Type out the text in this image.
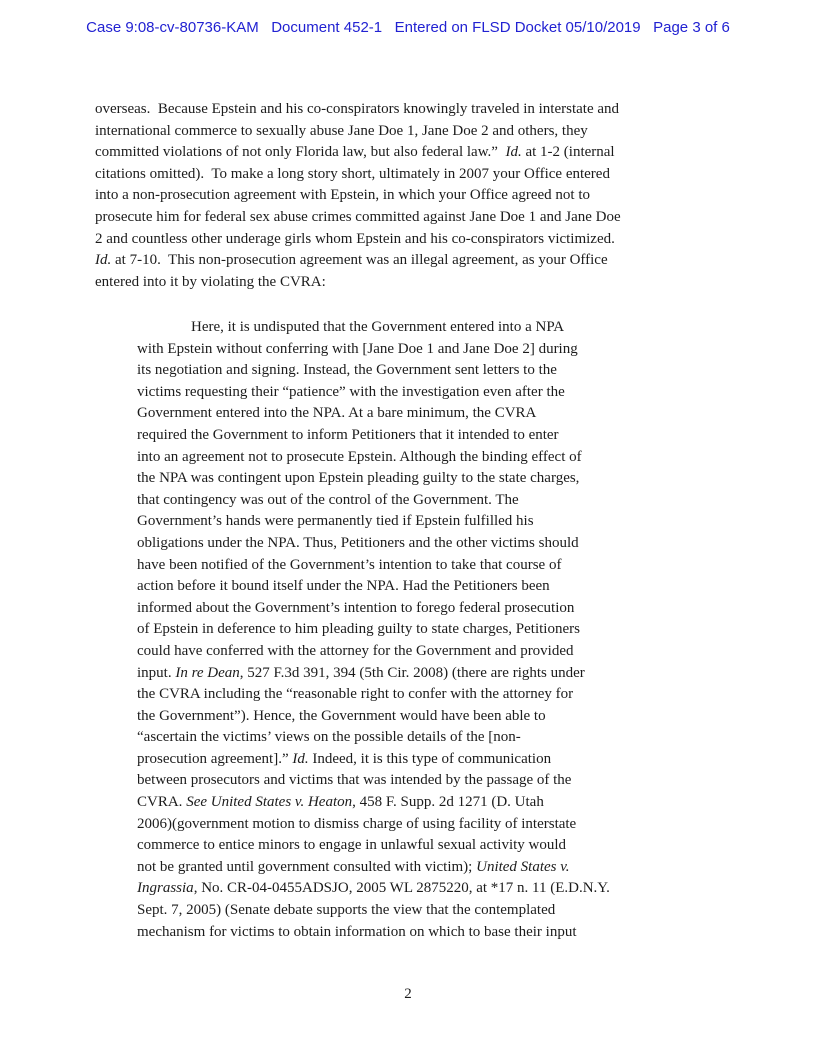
Case 9:08-cv-80736-KAM   Document 452-1   Entered on FLSD Docket 05/10/2019   Page 3 of 6
overseas.  Because Epstein and his co-conspirators knowingly traveled in interstate and
international commerce to sexually abuse Jane Doe 1, Jane Doe 2 and others, they
committed violations of not only Florida law, but also federal law.”  Id. at 1-2 (internal
citations omitted).  To make a long story short, ultimately in 2007 your Office entered
into a non-prosecution agreement with Epstein, in which your Office agreed not to
prosecute him for federal sex abuse crimes committed against Jane Doe 1 and Jane Doe
2 and countless other underage girls whom Epstein and his co-conspirators victimized.
Id. at 7-10.  This non-prosecution agreement was an illegal agreement, as your Office
entered into it by violating the CVRA:
Here, it is undisputed that the Government entered into a NPA
with Epstein without conferring with [Jane Doe 1 and Jane Doe 2] during
its negotiation and signing. Instead, the Government sent letters to the
victims requesting their “patience” with the investigation even after the
Government entered into the NPA. At a bare minimum, the CVRA
required the Government to inform Petitioners that it intended to enter
into an agreement not to prosecute Epstein. Although the binding effect of
the NPA was contingent upon Epstein pleading guilty to the state charges,
that contingency was out of the control of the Government. The
Government’s hands were permanently tied if Epstein fulfilled his
obligations under the NPA. Thus, Petitioners and the other victims should
have been notified of the Government’s intention to take that course of
action before it bound itself under the NPA. Had the Petitioners been
informed about the Government’s intention to forego federal prosecution
of Epstein in deference to him pleading guilty to state charges, Petitioners
could have conferred with the attorney for the Government and provided
input. In re Dean, 527 F.3d 391, 394 (5th Cir. 2008) (there are rights under
the CVRA including the “reasonable right to confer with the attorney for
the Government”). Hence, the Government would have been able to
“ascertain the victims’ views on the possible details of the [non-
prosecution agreement].” Id. Indeed, it is this type of communication
between prosecutors and victims that was intended by the passage of the
CVRA. See United States v. Heaton, 458 F. Supp. 2d 1271 (D. Utah
2006)(government motion to dismiss charge of using facility of interstate
commerce to entice minors to engage in unlawful sexual activity would
not be granted until government consulted with victim); United States v.
Ingrassia, No. CR-04-0455ADSJO, 2005 WL 2875220, at *17 n. 11 (E.D.N.Y.
Sept. 7, 2005) (Senate debate supports the view that the contemplated
mechanism for victims to obtain information on which to base their input
2
